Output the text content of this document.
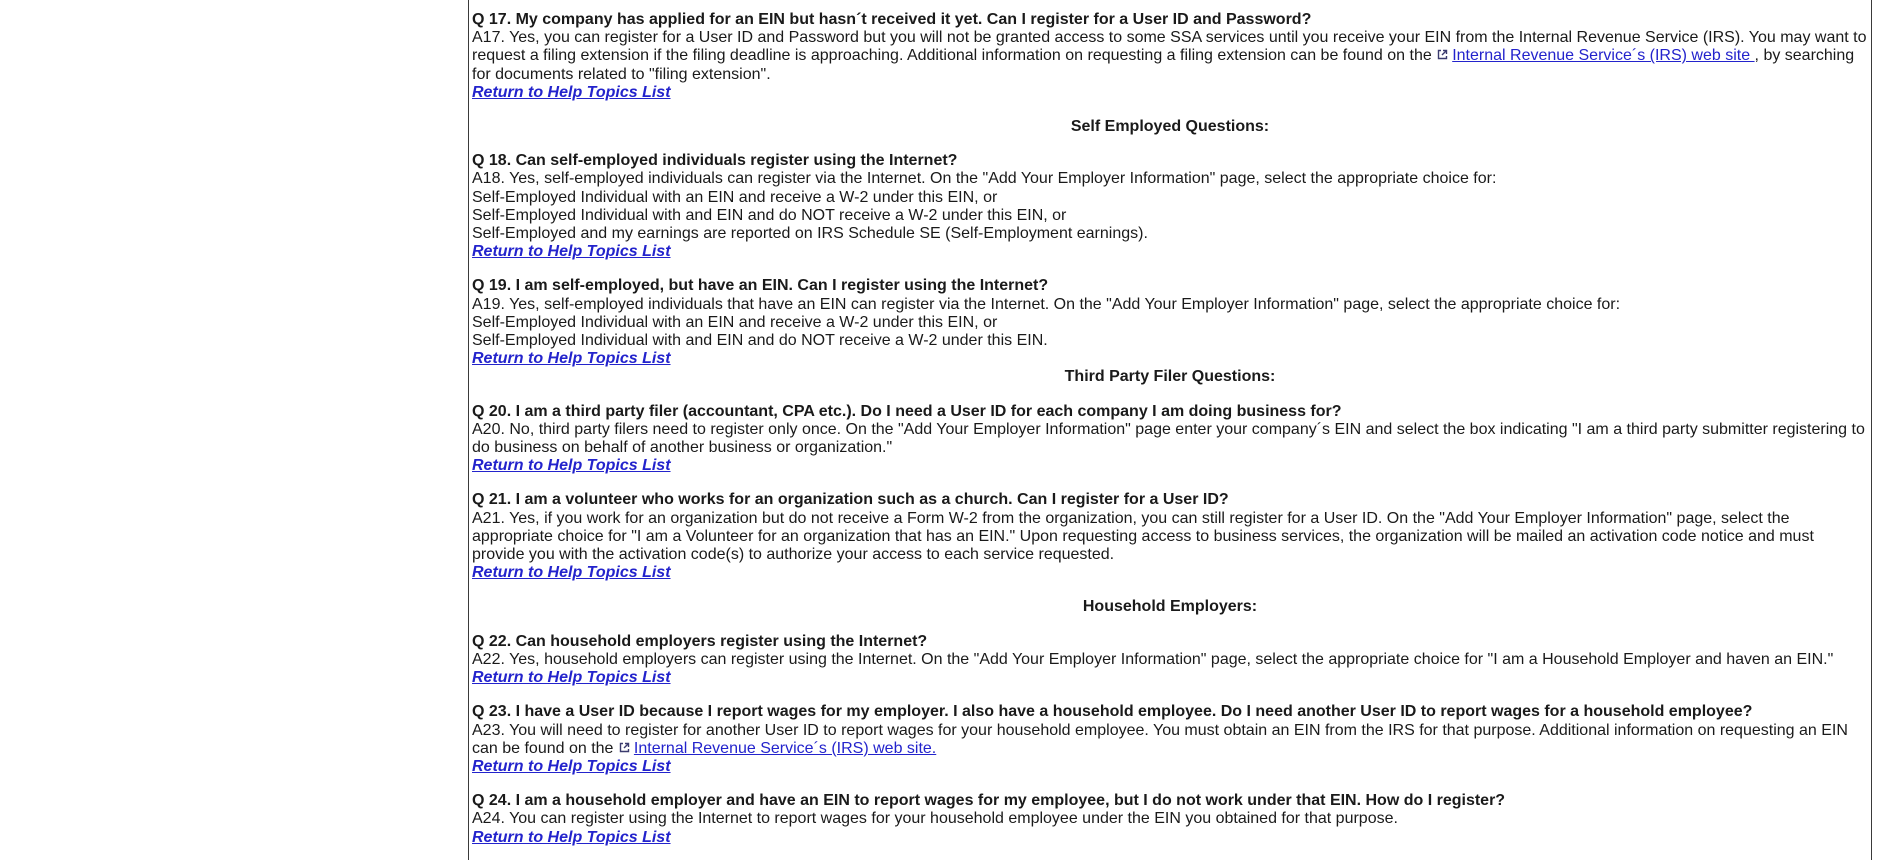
Q 17. My company has applied for an EIN but hasn´t received it yet. Can I register for a User ID and Password?
A17. Yes, you can register for a User ID and Password but you will not be granted access to some SSA services until you receive your EIN from the Internal Revenue Service (IRS). You may want to request a filing extension if the filing deadline is approaching. Additional information on requesting a filing extension can be found on the
Internal Revenue Service´s (IRS) web site , by searching for documents related to "filing extension".
Return to Help Topics List
Self Employed Questions:
Q 18. Can self-employed individuals register using the Internet?
A18. Yes, self-employed individuals can register via the Internet. On the "Add Your Employer Information" page, select the appropriate choice for:
Self-Employed Individual with an EIN and receive a W-2 under this EIN, or
Self-Employed Individual with and EIN and do NOT receive a W-2 under this EIN, or
Self-Employed and my earnings are reported on IRS Schedule SE (Self-Employment earnings).
Return to Help Topics List
Q 19. I am self-employed, but have an EIN. Can I register using the Internet?
A19. Yes, self-employed individuals that have an EIN can register via the Internet. On the "Add Your Employer Information" page, select the appropriate choice for:
Self-Employed Individual with an EIN and receive a W-2 under this EIN, or
Self-Employed Individual with and EIN and do NOT receive a W-2 under this EIN.
Return to Help Topics List
Third Party Filer Questions:
Q 20. I am a third party filer (accountant, CPA etc.). Do I need a User ID for each company I am doing business for?
A20. No, third party filers need to register only once. On the "Add Your Employer Information" page enter your company´s EIN and select the box indicating "I am a third party submitter registering to do business on behalf of another business or organization."
Return to Help Topics List
Q 21. I am a volunteer who works for an organization such as a church. Can I register for a User ID?
A21. Yes, if you work for an organization but do not receive a Form W-2 from the organization, you can still register for a User ID. On the "Add Your Employer Information" page, select the appropriate choice for "I am a Volunteer for an organization that has an EIN." Upon requesting access to business services, the organization will be mailed an activation code notice and must provide you with the activation code(s) to authorize your access to each service requested.
Return to Help Topics List
Household Employers:
Q 22. Can household employers register using the Internet?
A22. Yes, household employers can register using the Internet. On the "Add Your Employer Information" page, select the appropriate choice for "I am a Household Employer and haven an EIN."
Return to Help Topics List
Q 23. I have a User ID because I report wages for my employer. I also have a household employee. Do I need another User ID to report wages for a household employee?
A23. You will need to register for another User ID to report wages for your household employee. You must obtain an EIN from the IRS for that purpose. Additional information on requesting an EIN can be found on the
Internal Revenue Service´s (IRS) web site.
Return to Help Topics List
Q 24. I am a household employer and have an EIN to report wages for my employee, but I do not work under that EIN. How do I register?
A24. You can register using the Internet to report wages for your household employee under the EIN you obtained for that purpose.
Return to Help Topics List
